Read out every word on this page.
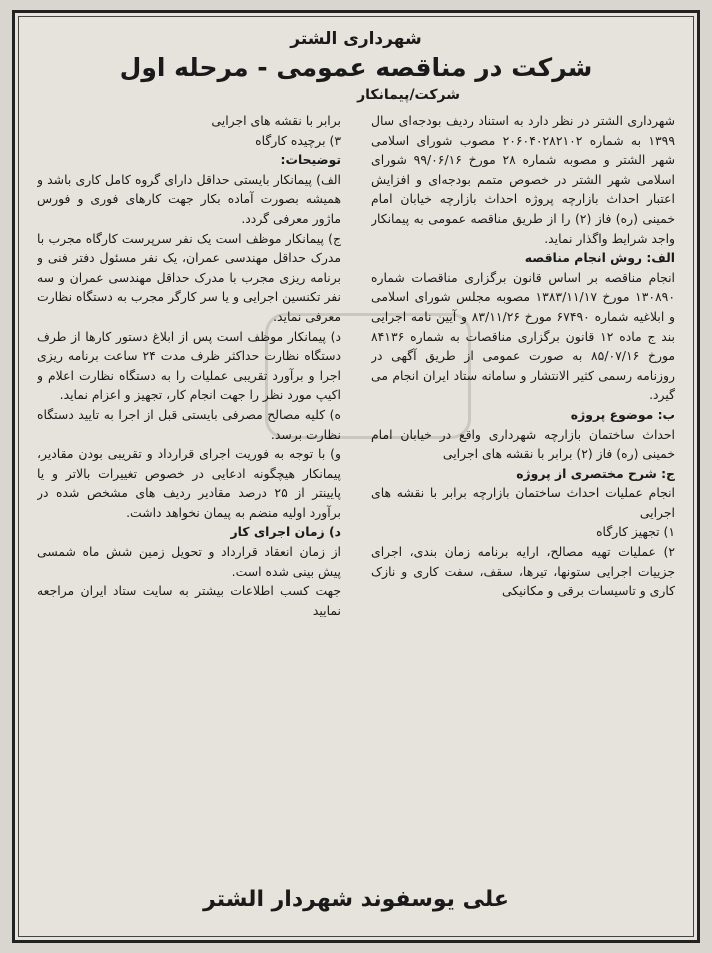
شهرداری الشتر
شرکت در مناقصه عمومی - مرحله اول
شرکت/پیمانکار

شهرداری الشتر در نظر دارد به استناد ردیف بودجه‌ای سال ۱۳۹۹ به شماره ۲۰۶۰۴۰۲۸۲۱۰۲ مصوب شورای اسلامی شهر الشتر و مصوبه شماره ۲۸ مورخ ۹۹/۰۶/۱۶ شورای اسلامی شهر الشتر در خصوص متمم بودجه‌ای و افزایش اعتبار احداث بازارچه پروژه احداث بازارچه خیابان امام خمینی (ره) فاز (۲) را از طریق مناقصه عمومی به پیمانکار واجد شرایط واگذار نماید.

الف: روش انجام مناقصه

انجام مناقصه بر اساس قانون برگزاری مناقصات شماره ۱۳۰۸۹۰ مورخ ۱۳۸۳/۱۱/۱۷ مصوبه مجلس شورای اسلامی و ابلاغیه شماره ۶۷۴۹۰ مورخ ۸۳/۱۱/۲۶ و آیین نامه اجرایی بند ج ماده ۱۲ قانون برگزاری مناقصات به شماره ۸۴۱۳۶ مورخ ۸۵/۰۷/۱۶ به صورت عمومی از طریق آگهی در روزنامه رسمی کثیر الانتشار و سامانه ستاد ایران انجام می گیرد.

ب: موضوع پروژه

احداث ساختمان بازارچه شهرداری واقع در خیابان امام خمینی (ره) فاز (۲) برابر با نقشه های اجرایی

ج: شرح مختصری از پروژه

انجام عملیات احداث ساختمان بازارچه برابر با نقشه های اجرایی

۱) تجهیز کارگاه

۲) عملیات تهیه مصالح، ارایه برنامه زمان بندی، اجرای جزییات اجرایی ستونها، تیرها، سقف، سفت کاری و نازک کاری و تاسیسات برقی و مکانیکی

برابر با نقشه های اجرایی

۳) برچیده کارگاه

توضیحات:

الف) پیمانکار بایستی حداقل دارای گروه کامل کاری باشد و همیشه بصورت آماده بکار جهت کارهای فوری و فورس ماژور معرفی گردد.

ج) پیمانکار موظف است یک نفر سرپرست کارگاه مجرب با مدرک حداقل مهندسی عمران، یک نفر مسئول دفتر فنی و برنامه ریزی مجرب با مدرک حداقل مهندسی عمران و سه نفر تکنسین اجرایی و یا سر کارگر مجرب به دستگاه نظارت معرفی نماید.

د) پیمانکار موظف است پس از ابلاغ دستور کارها از طرف دستگاه نظارت حداکثر ظرف مدت ۲۴ ساعت برنامه ریزی اجرا و برآورد تقریبی عملیات را به دستگاه نظارت اعلام و اکیپ مورد نظر را جهت انجام کار، تجهیز و اعزام نماید.

ه) کلیه مصالح مصرفی بایستی قبل از اجرا به تایید دستگاه نظارت برسد.

و) با توجه به فوریت اجرای قرارداد و تقریبی بودن مقادیر، پیمانکار هیچگونه ادعایی در خصوص تغییرات بالاتر و یا پایینتر از ۲۵ درصد مقادیر ردیف های مشخص شده در برآورد اولیه منضم به پیمان نخواهد داشت.

د) زمان اجرای کار

از زمان انعقاد قرارداد و تحویل زمین شش ماه شمسی پیش بینی شده است.

جهت کسب اطلاعات بیشتر به سایت ستاد ایران مراجعه نمایید

علی یوسفوند شهردار الشتر
